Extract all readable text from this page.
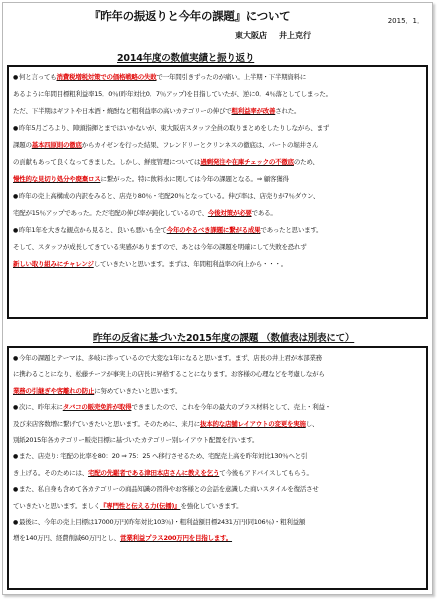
『昨年の振返りと今年の課題』について	2015．1．
東大阪店 井上克行
2014年度の数値実績と振り返り
●何と言っても消費税増税対策での価格戦略の失敗で一年間引きずったのが痛い。上半期・下半期資料に
あるように年間目標粗利益率15．0％(昨年対比0．7％アップ)を目指していたが、逆に0．4％落としてしまった。
ただ、下半期はギフトや日本酒・焼酎など粗利益率の高いカテゴリーの伸びで粗利益率が改善された。
●昨年5月ごろより、陣頭指揮とまではいかないが、東大阪店スタッフ全員の取りまとめをしたりしながら、まず
課題の基本四原則の徹底からカイゼンを行った結果、フレンドリーとクリンネスの徹底は、パートの堀井さん
の貢献もあって良くなってきました。しかし、鮮度管理については過剰発注や在庫チェックの不徹底のため、
慢性的な見切り処分や廃棄ロスに繋がった。特に飲料水に関しては今年の課題となる。⇒ 顧客獲得
●昨年の売上高構成の内訳をみると、店売り80％・宅配20％となっている。伸び率は、店売りが7％ダウン、
宅配が15％アップであった。ただ宅配の伸び率が鈍化しているので、今後対策が必要である。
●昨年1年を大きな観点から見ると、良いも悪いも全て今年のやるべき課題に繋がる成果であったと思います。
そして、スタッフが成長してきている実感がありますので、あとは今年の課題を明確にして失敗を恐れず
新しい取り組みにチャレンジしていきたいと思います。まずは、年間粗利益率の向上から・・・。
昨年の反省に基づいた2015年度の課題 （数値表は別表にて）
●今年の課題とテーマは、多岐に渉っているので大変な1年になると思います。まず、店長の井上君が本部業務
に携わることになり、松藤チーフが事実上の店長に昇格することになります。お客様の心理などを考慮しながら
業務の引継ぎや客離れの防止に努めていきたいと思います。
●次に、昨年末にタバコの販売免許が取得できましたので、これを今年の最大のプラス材料として、売上・利益・
及び来店客数増に繋げていきたいと思います。そのために、来月に抜本的な店舗レイアウトの変更を実施し、
別紙2015年各カテゴリー販売目標に基づいたカテゴリー別レイアウト配置を行います。
●また、店売り: 宅配の比率を80：20 ⇒ 75：25 へ移行させるため、宅配売上高を昨年対比130％へと引
き上げる。そのためには、宅配の先駆者である津田本店さんに教えを乞うて今後もアドバイスしてもらう。
●また、私自身も含めて各カテゴリーの商品知識の習得やお客様との会話を意識した商いスタイルを復活させ
ていきたいと思います。ましく『専門性と伝える力(伝播)』を強化していきます。
●最後に、今年の売上目標は17000万円(昨年対比103％)・粗利益額目標2431万円(同106％)・粗利益額
増を140万円、経費削減60万円とし、営業利益プラス200万円を目指します。
